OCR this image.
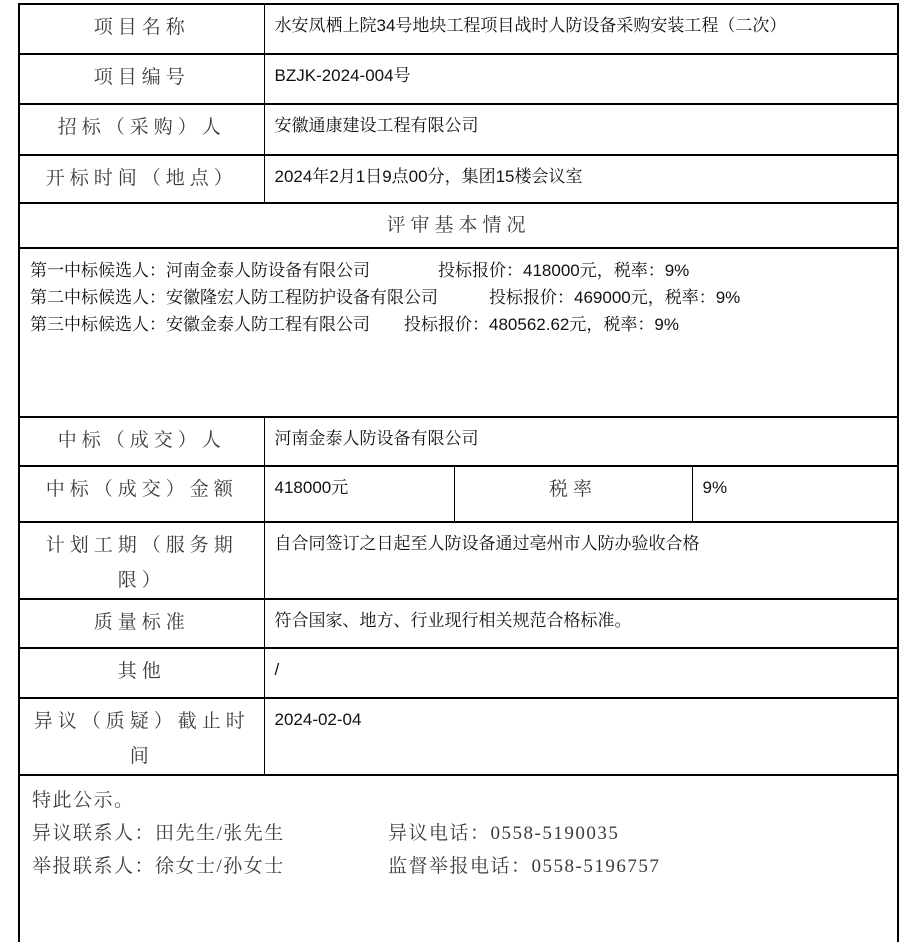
项目名称	水安凤栖上院34号地块工程项目战时人防设备采购安装工程（二次）		
项目编号	BZJK-2024-004号		
招标（采购）人	安徽通康建设工程有限公司		
开标时间（地点）	2024年2月1日9点00分，集团15楼会议室		
评审基本情况			

第一中标候选人：河南金泰人防设备有限公司　　　　投标报价：418000元，税率：9%
第二中标候选人：安徽隆宏人防工程防护设备有限公司　　　投标报价：469000元，税率：9%
第三中标候选人：安徽金泰人防工程有限公司　　投标报价：480562.62元，税率：9%			

中标（成交）人	河南金泰人防设备有限公司		
中标（成交）金额	418000元	税率	9%
计划工期（服务期限）	自合同签订之日起至人防设备通过亳州市人防办验收合格		
质量标准	符合国家、地方、行业现行相关规范合格标准。		
其他	/		
异议（质疑）截止时间	2024-02-04		

特此公示。
异议联系人：田先生/张先生 异议电话：0558-5190035
举报联系人：徐女士/孙女士 监督举报电话：0558-5196757			
